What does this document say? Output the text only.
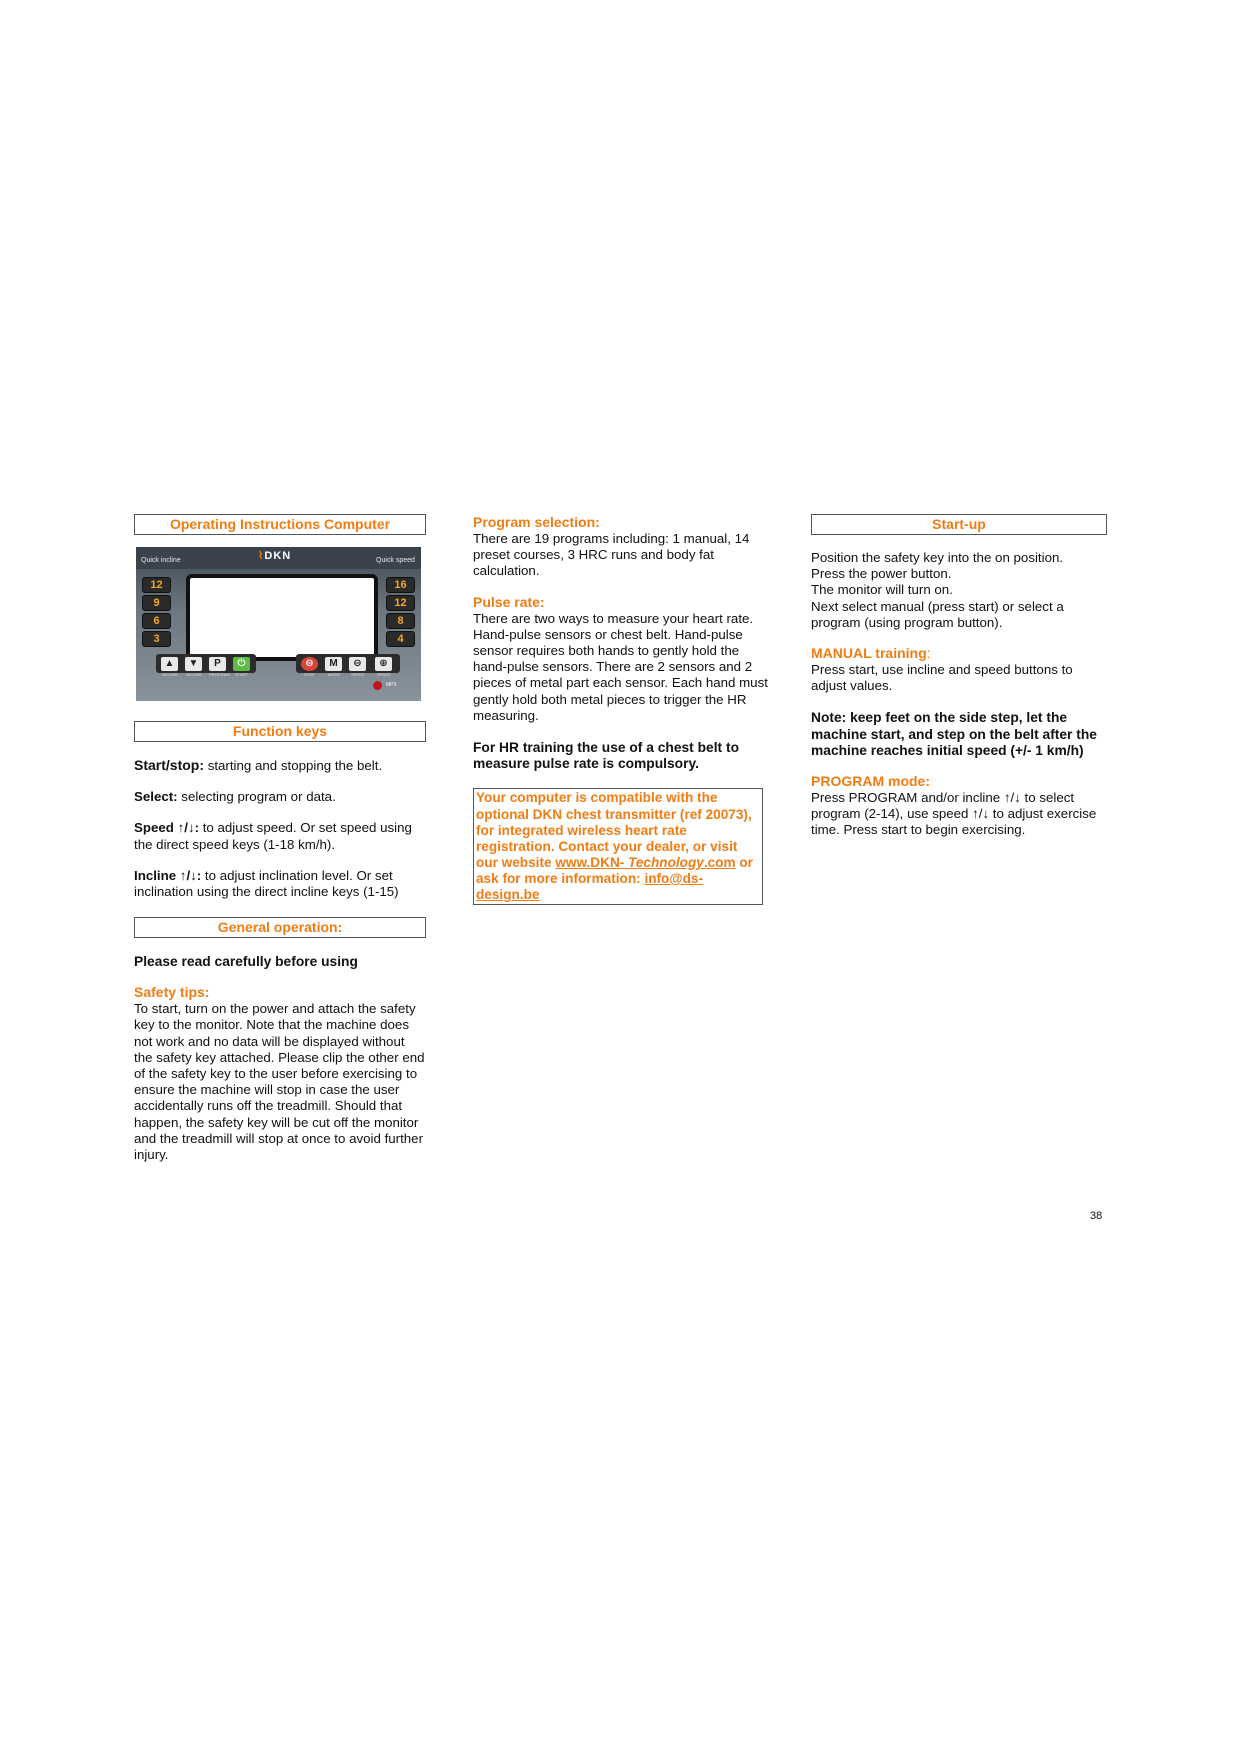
Operating Instructions Computer
Quick incline	Quick speed
⌇DKN
12
9
6
3
16
12
8
4
▲	▼	P	⏻
INCLINE INCLINE PROGRAM START
⊖	M	⊖	⊕
STOP	MODE	SPEED	SPEED
MP3
Function keys

Start/stop: starting and stopping the belt.

Select: selecting program or data.

Speed ↑/↓: to adjust speed. Or set speed using the direct speed keys (1-18 km/h).

Incline ↑/↓: to adjust inclination level. Or set inclination using the direct incline keys (1-15)

General operation:

Please read carefully before using

Safety tips:

To start, turn on the power and attach the safety key to the monitor. Note that the machine does not work and no data will be displayed without the safety key attached. Please clip the other end of the safety key to the user before exercising to ensure the machine will stop in case the user accidentally runs off the treadmill. Should that happen, the safety key will be cut off the monitor and the treadmill will stop at once to avoid further injury.

Program selection:

There are 19 programs including: 1 manual, 14 preset courses, 3 HRC runs and body fat calculation.

Pulse rate:

There are two ways to measure your heart rate. Hand-pulse sensors or chest belt. Hand-pulse sensor requires both hands to gently hold the hand-pulse sensors. There are 2 sensors and 2 pieces of metal part each sensor. Each hand must gently hold both metal pieces to trigger the HR measuring.

For HR training the use of a chest belt to measure pulse rate is compulsory.

Your computer is compatible with the optional DKN chest transmitter (ref 20073), for integrated wireless heart rate registration. Contact your dealer, or visit our website www.DKN- Technology.com or ask for more information: info@ds-design.be
Start-up

Position the safety key into the on position.

Press the power button.

The monitor will turn on.

Next select manual (press start) or select a program (using program button).

MANUAL training:

Press start, use incline and speed buttons to adjust values.

Note: keep feet on the side step, let the machine start, and step on the belt after the machine reaches initial speed (+/- 1 km/h)

PROGRAM mode:

Press PROGRAM and/or incline ↑/↓ to select program (2-14), use speed ↑/↓ to adjust exercise time. Press start to begin exercising.

38
